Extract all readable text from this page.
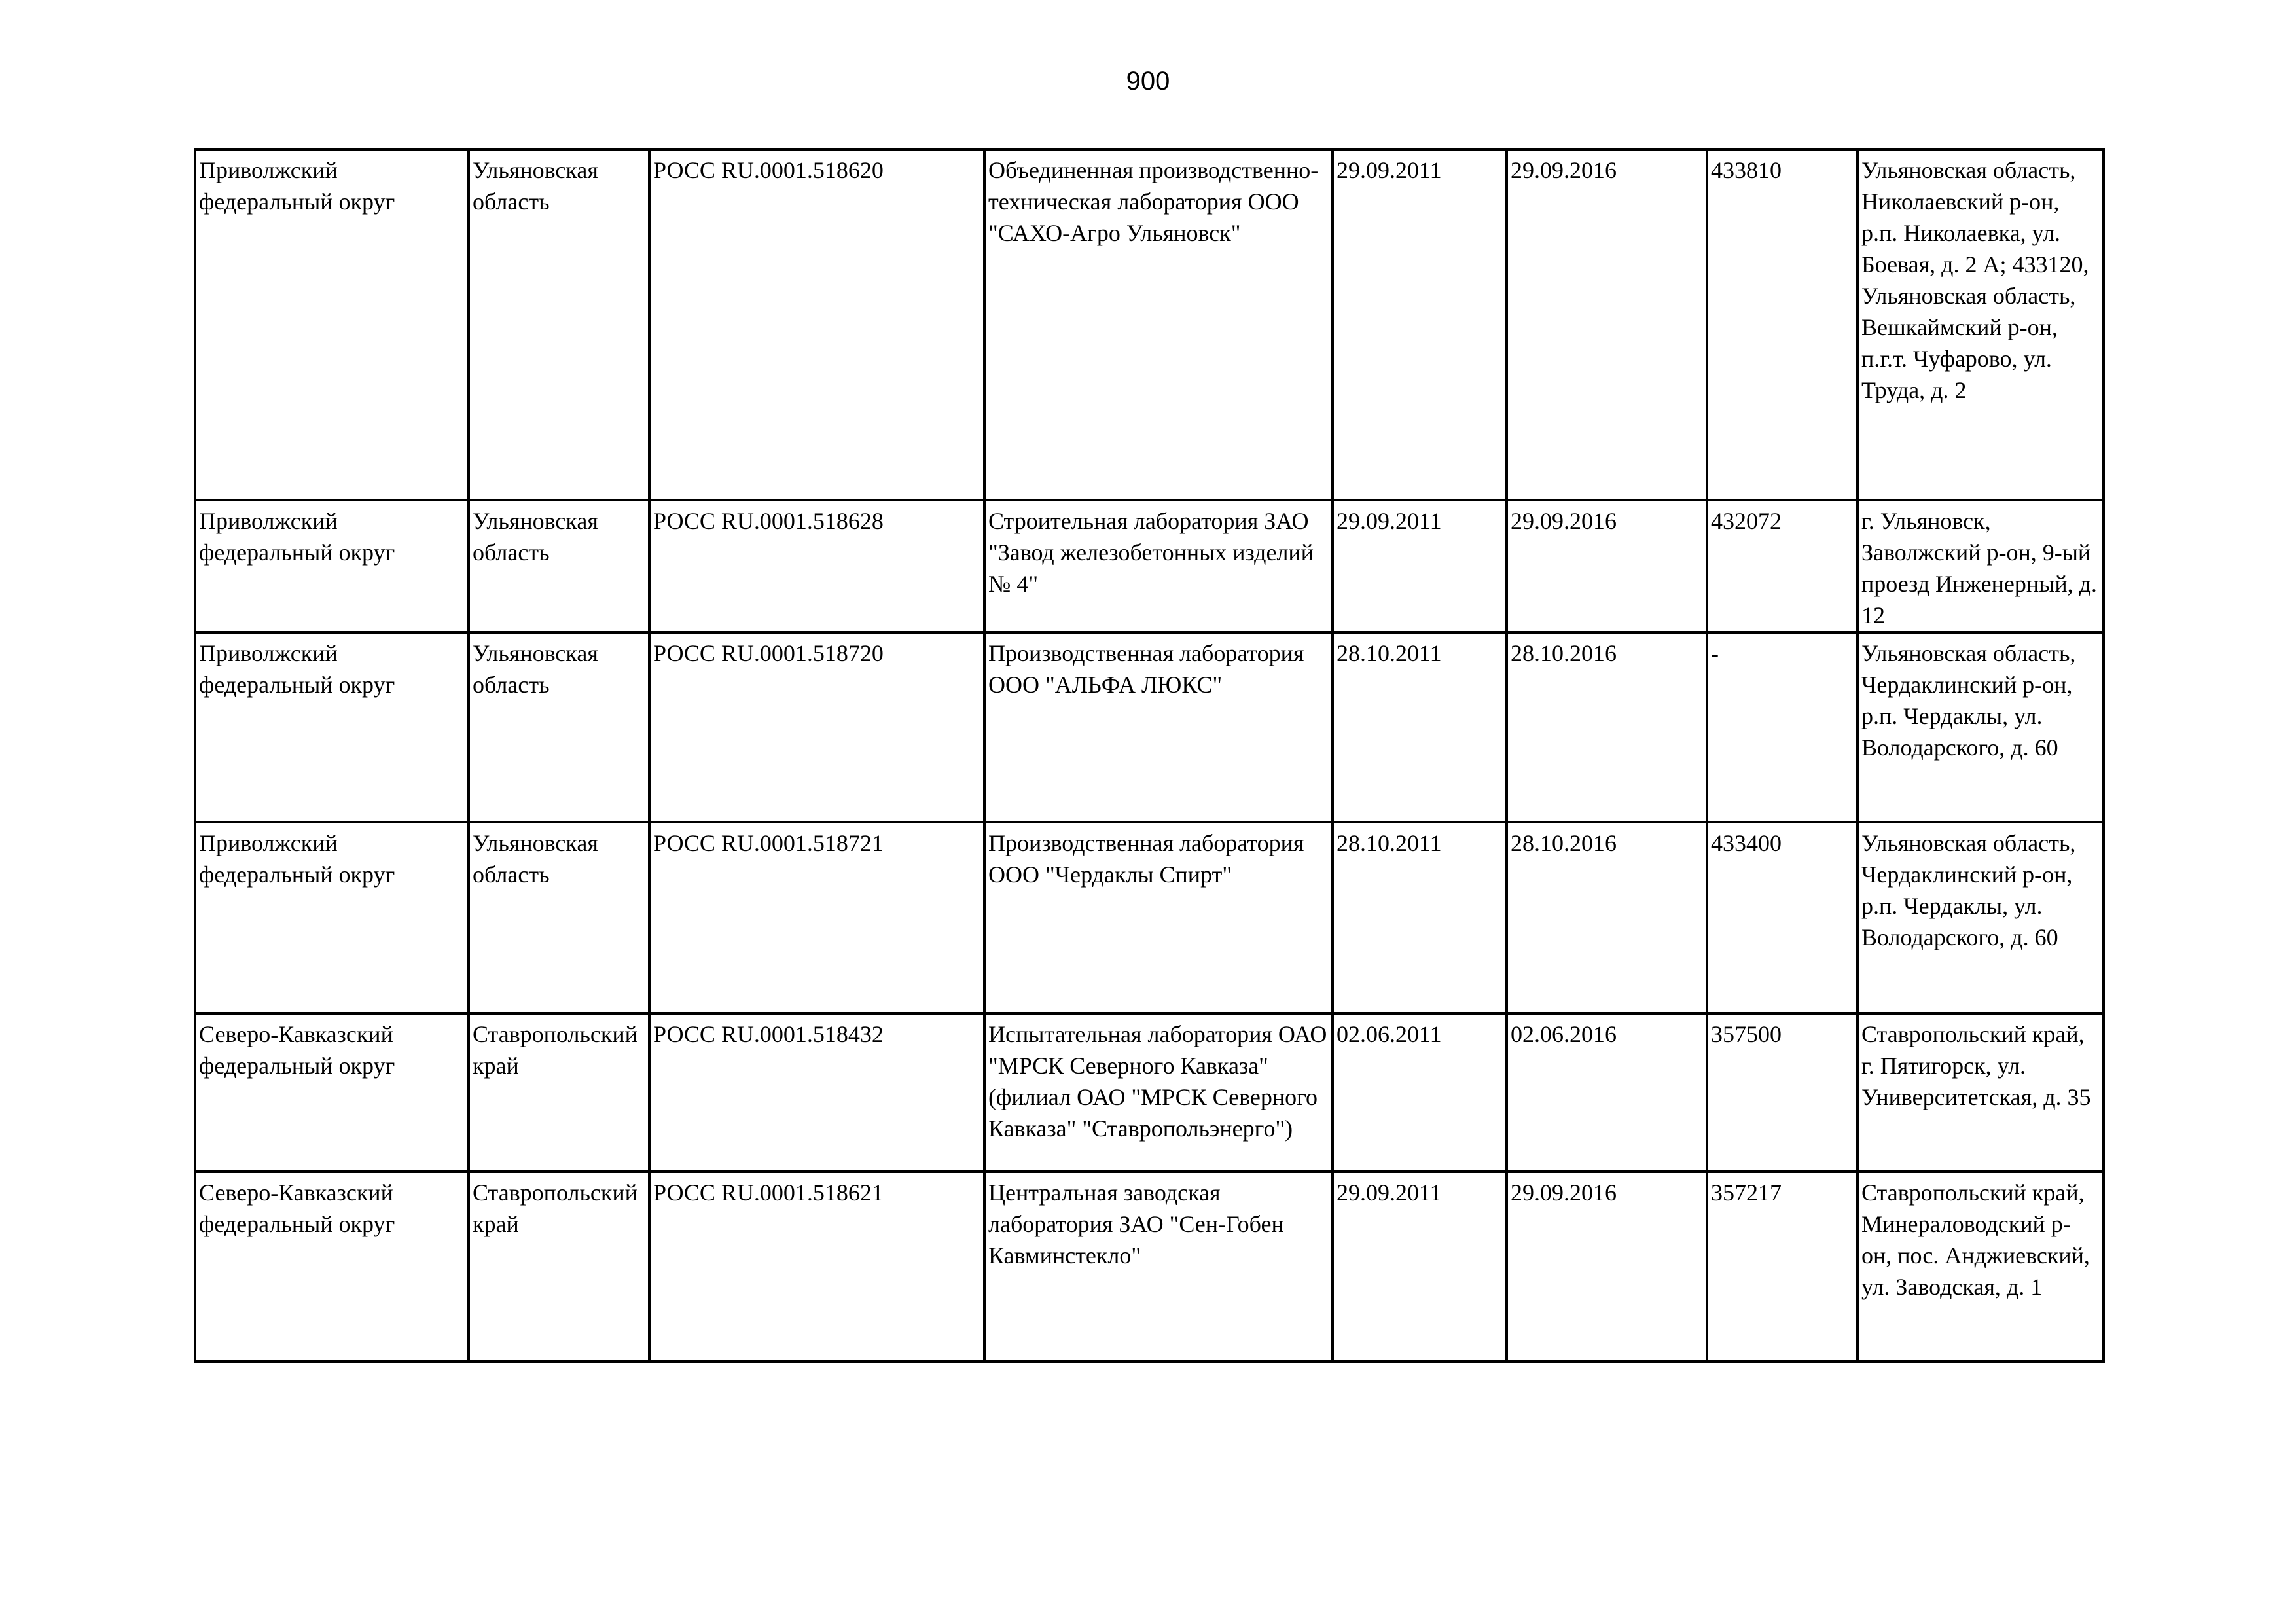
900
Приволжский федеральный округ	Ульяновская область	РОСС RU.0001.518620	Объединенная производственно-техническая лаборатория ООО "САХО-Агро Ульяновск"	29.09.2011	29.09.2016	433810	Ульяновская область, Николаевский р-он, р.п. Николаевка, ул. Боевая, д. 2 А; 433120, Ульяновская область, Вешкаймский р-он, п.г.т. Чуфарово, ул. Труда, д. 2
Приволжский федеральный округ	Ульяновская область	РОСС RU.0001.518628	Строительная лаборатория ЗАО "Завод железобетонных изделий № 4"	29.09.2011	29.09.2016	432072	г. Ульяновск, Заволжский р-он, 9-ый проезд Инженерный, д. 12
Приволжский федеральный округ	Ульяновская область	РОСС RU.0001.518720	Производственная лаборатория ООО "АЛЬФА ЛЮКС"	28.10.2011	28.10.2016	-	Ульяновская область, Чердаклинский р-он, р.п. Чердаклы, ул. Володарского, д. 60
Приволжский федеральный округ	Ульяновская область	РОСС RU.0001.518721	Производственная лаборатория ООО "Чердаклы Спирт"	28.10.2011	28.10.2016	433400	Ульяновская область, Чердаклинский р-он, р.п. Чердаклы, ул. Володарского, д. 60
Северо-Кавказский федеральный округ	Ставропольский край	РОСС RU.0001.518432	Испытательная лаборатория ОАО "МРСК Северного Кавказа" (филиал ОАО "МРСК Северного Кавказа" "Ставропольэнерго")	02.06.2011	02.06.2016	357500	Ставропольский край, г. Пятигорск, ул. Университетская, д. 35
Северо-Кавказский федеральный округ	Ставропольский край	РОСС RU.0001.518621	Центральная заводская лаборатория ЗАО "Сен-Гобен Кавминстекло"	29.09.2011	29.09.2016	357217	Ставропольский край, Минераловодский р-он, пос. Анджиевский, ул. Заводская, д. 1
